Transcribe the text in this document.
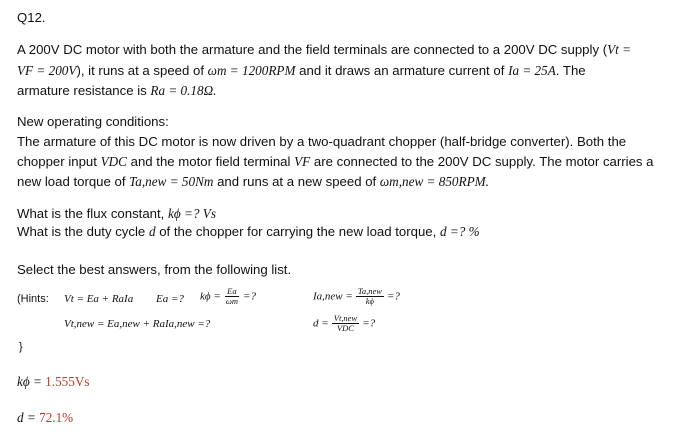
Q12.
A 200V DC motor with both the armature and the field terminals are connected to a 200V DC supply (Vt =
VF = 200V), it runs at a speed of ωm = 1200RPM and it draws an armature current of Ia = 25A. The
armature resistance is Ra = 0.18Ω.
New operating conditions:
The armature of this DC motor is now driven by a two-quadrant chopper (half-bridge converter). Both the
chopper input VDC and the motor field terminal VF are connected to the 200V DC supply. The motor carries a
new load torque of Ta,new = 50Nm and runs at a new speed of ωm,new = 850RPM.
What is the flux constant, kϕ =? Vs
What is the duty cycle d of the chopper for carrying the new load torque, d =? %
Select the best answers, from the following list.
(Hints: Vt = Ea + RaIa Ea =? $k\phi = \frac{Ea}{\omega m}$ =?	$Ia,new = \frac{\text{Ta,new}}{k\phi}$ =?
Vt,new = Ea,new + RaIa,new =?	$d = \frac{\text{Vt,new}}{\text{VDC}}$ =?
}
kϕ = 1.555Vs
d = 72.1%
